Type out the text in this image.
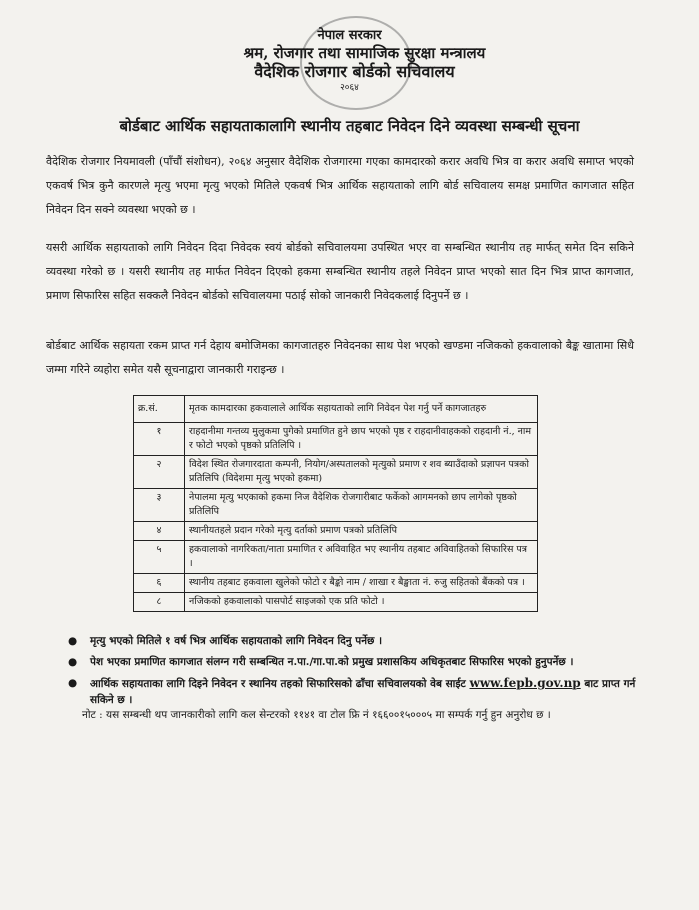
नेपाल सरकार
श्रम, रोजगार तथा सामाजिक सुरक्षा मन्त्रालय
वैदेशिक रोजगार बोर्डको सचिवालय
२०६४
बोर्डबाट आर्थिक सहायताकालागि स्थानीय तहबाट निवेदन दिने व्यवस्था सम्बन्धी सूचना
वैदेशिक रोजगार नियमावली (पाँचौं संशोधन), २०६४ अनुसार वैदेशिक रोजगारमा गएका कामदारको करार अवधि भित्र वा करार अवधि समाप्त भएको एकवर्ष भित्र कुनै कारणले मृत्यु भएमा मृत्यु भएको मितिले एकवर्ष भित्र आर्थिक सहायताको लागि बोर्ड सचिवालय समक्ष प्रमाणित कागजात सहित निवेदन दिन सक्ने व्यवस्था भएको छ ।
यसरी आर्थिक सहायताको लागि निवेदन दिदा निवेदक स्वयं बोर्डको सचिवालयमा उपस्थित भएर वा सम्बन्धित स्थानीय तह मार्फत् समेत दिन सकिने व्यवस्था गरेको छ । यसरी स्थानीय तह मार्फत निवेदन दिएको हकमा सम्बन्धित स्थानीय तहले निवेदन प्राप्त भएको सात दिन भित्र प्राप्त कागजात, प्रमाण सिफारिस सहित सक्कलै निवेदन बोर्डको सचिवालयमा पठाई सोको जानकारी निवेदकलाई दिनुपर्ने छ ।
बोर्डबाट आर्थिक सहायता रकम प्राप्त गर्न देहाय बमोजिमका कागजातहरु निवेदनका साथ पेश भएको खण्डमा नजिकको हकवालाको बैङ्क खातामा सिधै जम्मा गरिने व्यहोरा समेत यसै सूचनाद्वारा जानकारी गराइन्छ ।
क्र.सं.	मृतक कामदारका हकवालाले आर्थिक सहायताको लागि निवेदन पेश गर्नु पर्ने कागजातहरु
१	राहदानीमा गन्तव्य मुलुकमा पुगेको प्रमाणित हुने छाप भएको पृष्ठ र राहदानीवाहकको राहदानी नं., नाम र फोटो भएको पृष्ठको प्रतिलिपि ।
२	विदेश स्थित रोजगारदाता कम्पनी, नियोग/अस्पतालको मृत्युको प्रमाण र शव ब्याउँदाको प्रज्ञापन पत्रको प्रतिलिपि (विदेशमा मृत्यु भएको हकमा)
३	नेपालमा मृत्यु भएकाको हकमा निज वैदेशिक रोजगारीबाट फर्केको आगमनको छाप लागेको पृष्ठको प्रतिलिपि
४	स्थानीयतहले प्रदान गरेको मृत्यु दर्ताको प्रमाण पत्रको प्रतिलिपि
५	हकवालाको नागरिकता/नाता प्रमाणित र अविवाहित भए स्थानीय तहबाट अविवाहितको सिफारिस पत्र ।
६	स्थानीय तहबाट हकवाला खुलेको फोटो र बैङ्को नाम / शाखा र बैङ्खाता नं. रुजु सहितको बैंकको पत्र ।
८	नजिकको हकवालाको पासपोर्ट साइजको एक प्रति फोटो ।
● मृत्यु भएको मितिले १ वर्ष भित्र आर्थिक सहायताको लागि निवेदन दिनु पर्नेछ ।
● पेश भएका प्रमाणित कागजात संलग्न गरी सम्बन्धित न.पा./गा.पा.को प्रमुख प्रशासकिय अधिकृतबाट सिफारिस भएको हुनुपर्नेछ ।
● आर्थिक सहायताका लागि दिइने निवेदन र स्थानिय तहको सिफारिसको ढाँचा सचिवालयको वेब साईट www.fepb.gov.np बाट प्राप्त गर्न सकिने छ ।
नोट : यस सम्बन्धी थप जानकारीको लागि कल सेन्टरको ११४१ वा टोल फ्रि नं १६६००१५०००५ मा सम्पर्क गर्नु हुन अनुरोध छ ।
